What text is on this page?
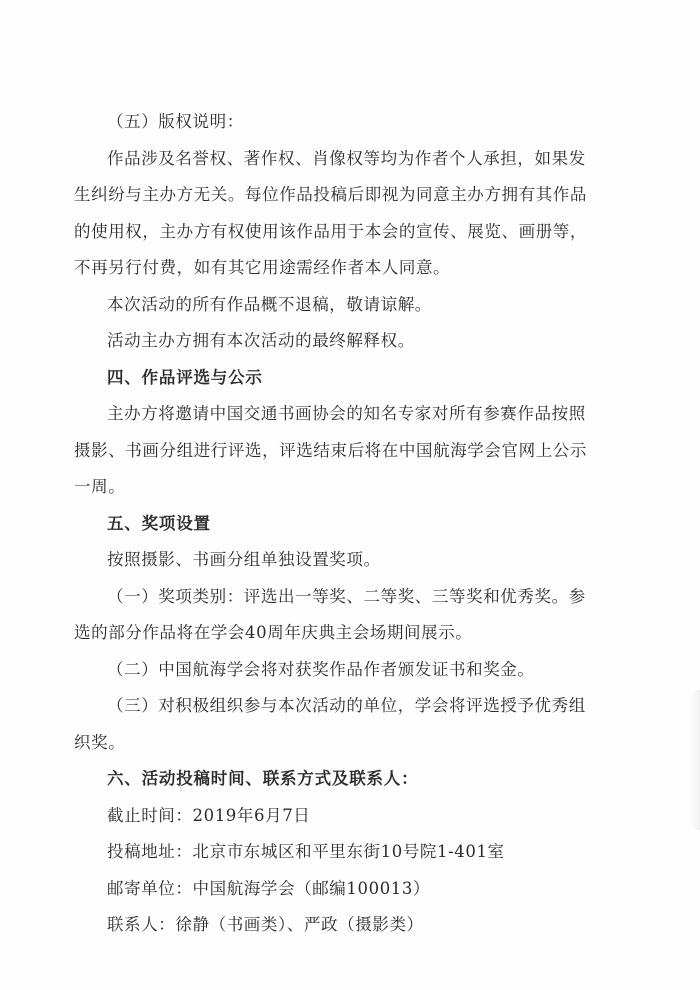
（五）版权说明：
作品涉及名誉权、著作权、肖像权等均为作者个人承担，如果发
生纠纷与主办方无关。每位作品投稿后即视为同意主办方拥有其作品
的使用权，主办方有权使用该作品用于本会的宣传、展览、画册等，
不再另行付费，如有其它用途需经作者本人同意。
本次活动的所有作品概不退稿，敬请谅解。
活动主办方拥有本次活动的最终解释权。
四、作品评选与公示
主办方将邀请中国交通书画协会的知名专家对所有参赛作品按照
摄影、书画分组进行评选，评选结束后将在中国航海学会官网上公示
一周。
五、奖项设置
按照摄影、书画分组单独设置奖项。
（一）奖项类别：评选出一等奖、二等奖、三等奖和优秀奖。参
选的部分作品将在学会40周年庆典主会场期间展示。
（二）中国航海学会将对获奖作品作者颁发证书和奖金。
（三）对积极组织参与本次活动的单位，学会将评选授予优秀组
织奖。
六、活动投稿时间、联系方式及联系人：
截止时间：2019年6月7日
投稿地址：北京市东城区和平里东街10号院1-401室
邮寄单位：中国航海学会（邮编100013）
联系人：徐静（书画类）、严政（摄影类）
